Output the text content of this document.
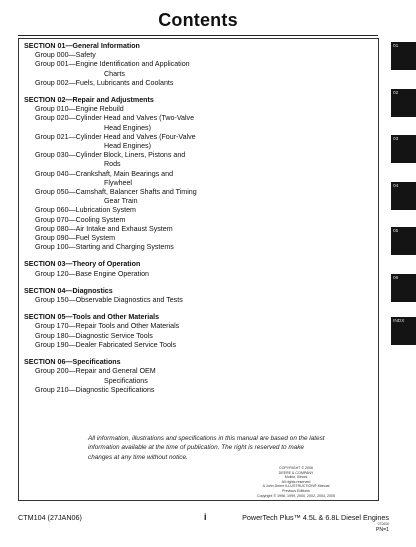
Contents
SECTION 01—General Information
Group 000— Safety
Group 001— Engine Identification and Application
Charts
Group 002— Fuels, Lubricants and Coolants
SECTION 02—Repair and Adjustments
Group 010— Engine Rebuild
Group 020— Cylinder Head and Valves (Two-Valve
Head Engines)
Group 021— Cylinder Head and Valves (Four-Valve
Head Engines)
Group 030— Cylinder Block, Liners, Pistons and
Rods
Group 040— Crankshaft, Main Bearings and
Flywheel
Group 050— Camshaft, Balancer Shafts and Timing
Gear Train
Group 060— Lubrication System
Group 070— Cooling System
Group 080— Air Intake and Exhaust System
Group 090— Fuel System
Group 100— Starting and Charging Systems
SECTION 03—Theory of Operation
Group 120— Base Engine Operation
SECTION 04—Diagnostics
Group 150— Observable Diagnostics and Tests
SECTION 05—Tools and Other Materials
Group 170— Repair Tools and Other Materials
Group 180— Diagnostic Service Tools
Group 190— Dealer Fabricated Service Tools
SECTION 06—Specifications
Group 200— Repair and General OEM
Specifications
Group 210— Diagnostic Specifications
All information, illustrations and specifications in this manual are based on the latest information available at the time of publication. The right is reserved to make changes at any time without notice.
COPYRIGHT © 2006
DEERE & COMPANY
Moline, Illinois
All rights reserved
A John Deere ILLUSTRUCTION® Manual
Previous Editions
Copyright © 1998, 1999, 2000, 2002, 2004, 2005
01
02
03
04
05
06
INDX
CTM104 (27JAN06)	i	PowerTech Plus™ 4.5L & 6.8L Diesel Engines
070606
PN=1
